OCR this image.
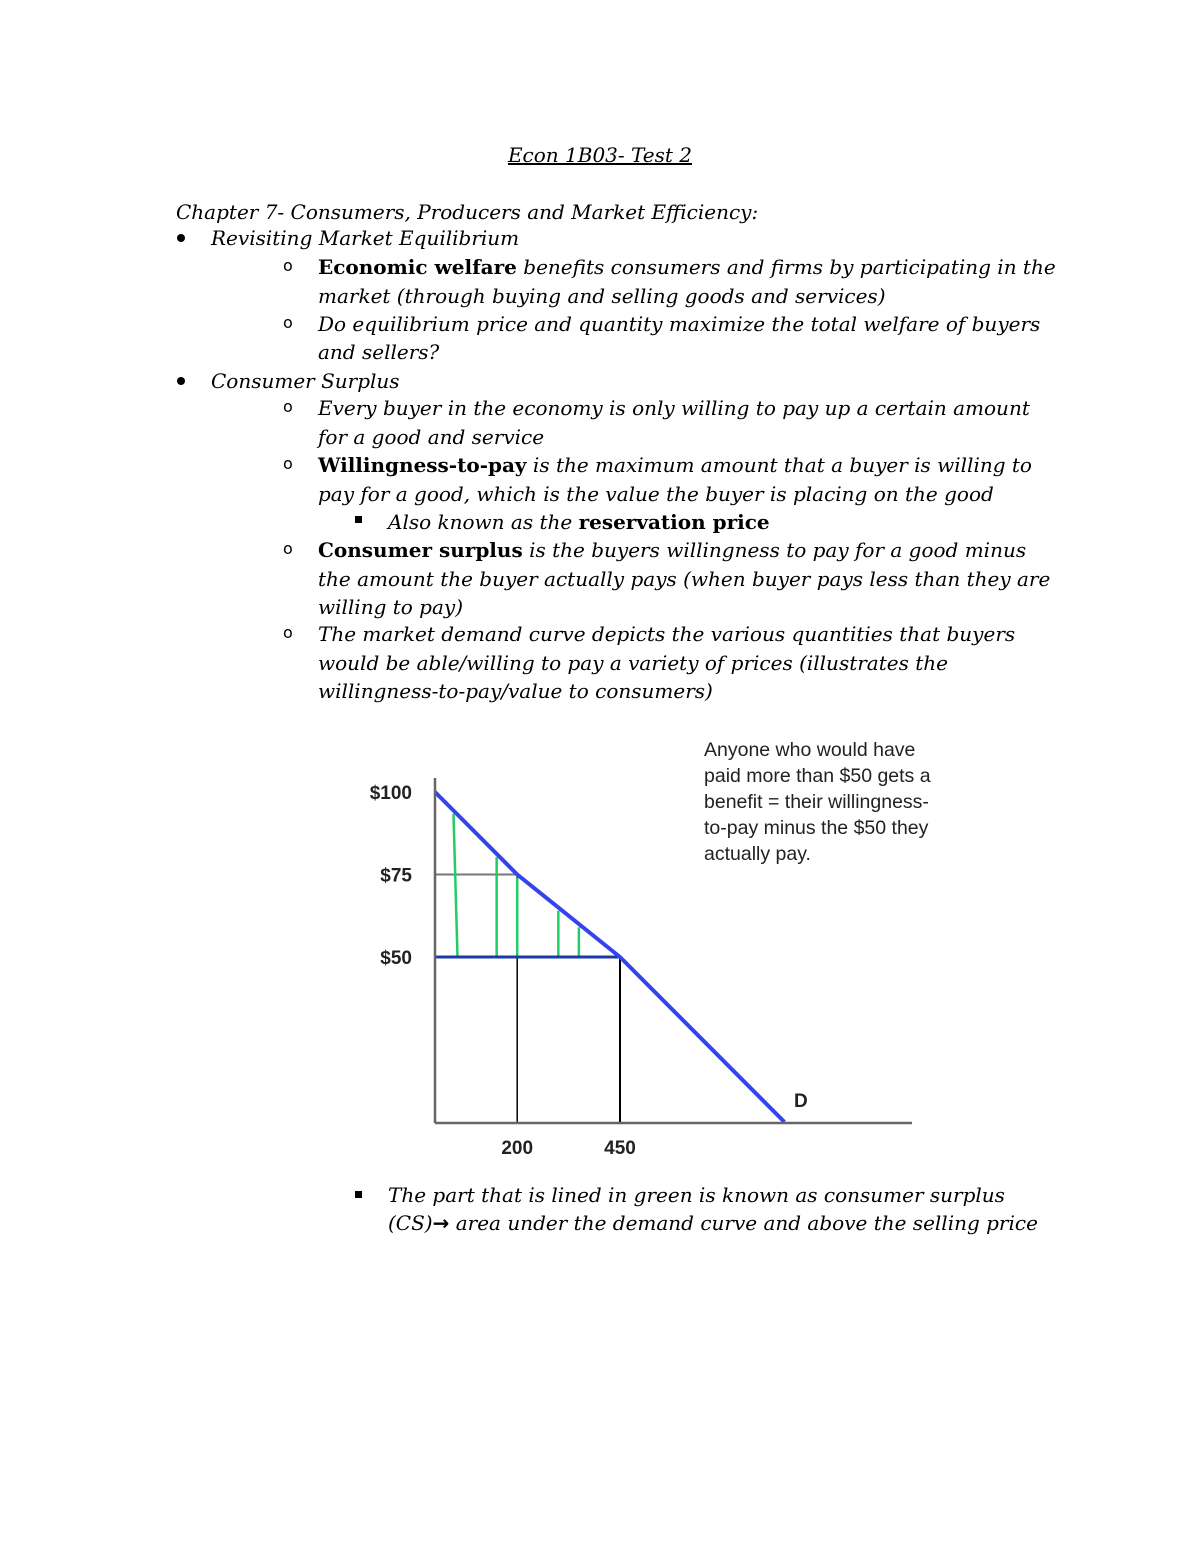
Econ 1B03- Test 2
Chapter 7- Consumers, Producers and Market Efficiency:
Revisiting Market Equilibrium
o Economic welfare benefits consumers and firms by participating in the
market (through buying and selling goods and services)
o Do equilibrium price and quantity maximize the total welfare of buyers
and sellers?
Consumer Surplus
o Every buyer in the economy is only willing to pay up a certain amount
for a good and service
o Willingness-to-pay is the maximum amount that a buyer is willing to
pay for a good, which is the value the buyer is placing on the good
Also known as the reservation price
o Consumer surplus is the buyers willingness to pay for a good minus
the amount the buyer actually pays (when buyer pays less than they are
willing to pay)
o The market demand curve depicts the various quantities that buyers
would be able/willing to pay a variety of prices (illustrates the
willingness-to-pay/value to consumers)
$100
$75
$50
200	450
D
Anyone who would have
paid more than $50 gets a
benefit = their willingness-
to-pay minus the $50 they
actually pay.
The part that is lined in green is known as consumer surplus
(CS)→ area under the demand curve and above the selling price
